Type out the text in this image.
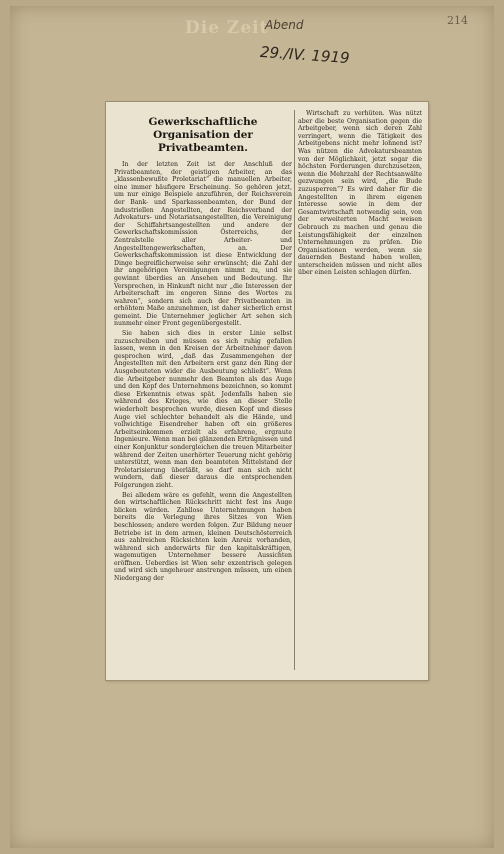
Die Zeit
Abend
29./IV. 1919
214
Gewerkschaftliche Organisation der Privatbeamten.

In der letzten Zeit ist der Anschluß der Privatbeamten, der geistigen Arbeiter, an das „klassenbewußte Proletariat“ die manuellen Arbeiter, eine immer häufigere Erscheinung. So gehören jetzt, um nur einige Beispiele anzuführen, der Reichsverein der Bank- und Sparkassenbeamten, der Bund der industriellen Angestellten, der Reichsverband der Advokaturs- und Notariatsangestellten, die Vereinigung der Schiffahrtsangestellten und andere der Gewerkschaftskommission Österreichs, der Zentralstelle aller Arbeiter- und Angestelltengewerkschaften, an. Der Gewerkschaftskommission ist diese Entwicklung der Dinge begreiflicherweise sehr erwünscht; die Zahl der ihr angehörigen Vereinigungen nimmt zu, und sie gewinnt überdies an Ansehen und Bedeutung. Ihr Versprechen, in Hinkunft nicht nur „die Interessen der Arbeiterschaft im engeren Sinne des Wortes zu wahren“, sondern sich auch der Privatbeamten in erhöhtem Maße anzunehmen, ist daher sicherlich ernst gemeint. Die Unternehmer jeglicher Art sehen sich nunmehr einer Front gegenübergestellt.

Sie haben sich dies in erster Linie selbst zuzuschreiben und müssen es sich ruhig gefallen lassen, wenn in den Kreisen der Arbeitnehmer davon gesprochen wird, „daß das Zusammengehen der Angestellten mit den Arbeitern erst ganz den Ring der Ausgebeuteten wider die Ausbeutung schließt“. Wenn die Arbeitgeber nunmehr den Beamten als das Auge und den Kopf des Unternehmens bezeichnen, so kommt diese Erkenntnis etwas spät. Jedenfalls haben sie während des Krieges, wie dies an dieser Stelle wiederholt besprochen wurde, diesen Kopf und dieses Auge viel schlechter behandelt als die Hände, und vollwichtige Eisendreher haben oft ein größeres Arbeitseinkommen erzielt als erfahrene, ergraute Ingenieure. Wenn man bei glänzenden Erträgnissen und einer Konjunktur sondergleichen die treuen Mitarbeiter während der Zeiten unerhörter Teuerung nicht gehörig unterstützt, wenn man den beamteten Mittelstand der Proletarisierung überläßt, so darf man sich nicht wundern, daß dieser daraus die entsprechenden Folgerungen zieht.

Bei alledem wäre es gefehlt, wenn die Angestellten den wirtschaftlichen Rückschritt nicht fest ins Auge blicken würden. Zahllose Unternehmungen haben bereits die Verlegung ihres Sitzes von Wien beschlossen; andere werden folgen. Zur Bildung neuer Betriebe ist in dem armen, kleinen Deutschösterreich aus zahlreichen Rücksichten kein Anreiz vorhanden, während sich anderwärts für den kapitalskräftigen, wagemutigen Unternehmer bessere Aussichten eröffnen. Ueberdies ist Wien sehr exzentrisch gelegen und wird sich ungeheuer anstrengen müssen, um einen Niedergang der

Wirtschaft zu verhüten. Was nützt aber die beste Organisation gegen die Arbeitgeber, wenn sich deren Zahl verringert, wenn die Tätigkeit des Arbeitgebens nicht mehr lohnend ist? Was nützen die Advokatursbeamten von der Möglichkeit, jetzt sogar die höchsten Forderungen durchzusetzen, wenn die Mehrzahl der Rechtsanwälte gezwungen sein wird, „die Bude zuzusperren“? Es wird daher für die Angestellten in ihrem eigenen Interesse sowie in dem der Gesamtwirtschaft notwendig sein, von der erweiterten Macht weisen Gebrauch zu machen und genau die Leistungsfähigkeit der einzelnen Unternehmungen zu prüfen. Die Organisationen werden, wenn sie dauernden Bestand haben wollen, unterscheiden müssen und nicht alles über einen Leisten schlagen dürfen.
